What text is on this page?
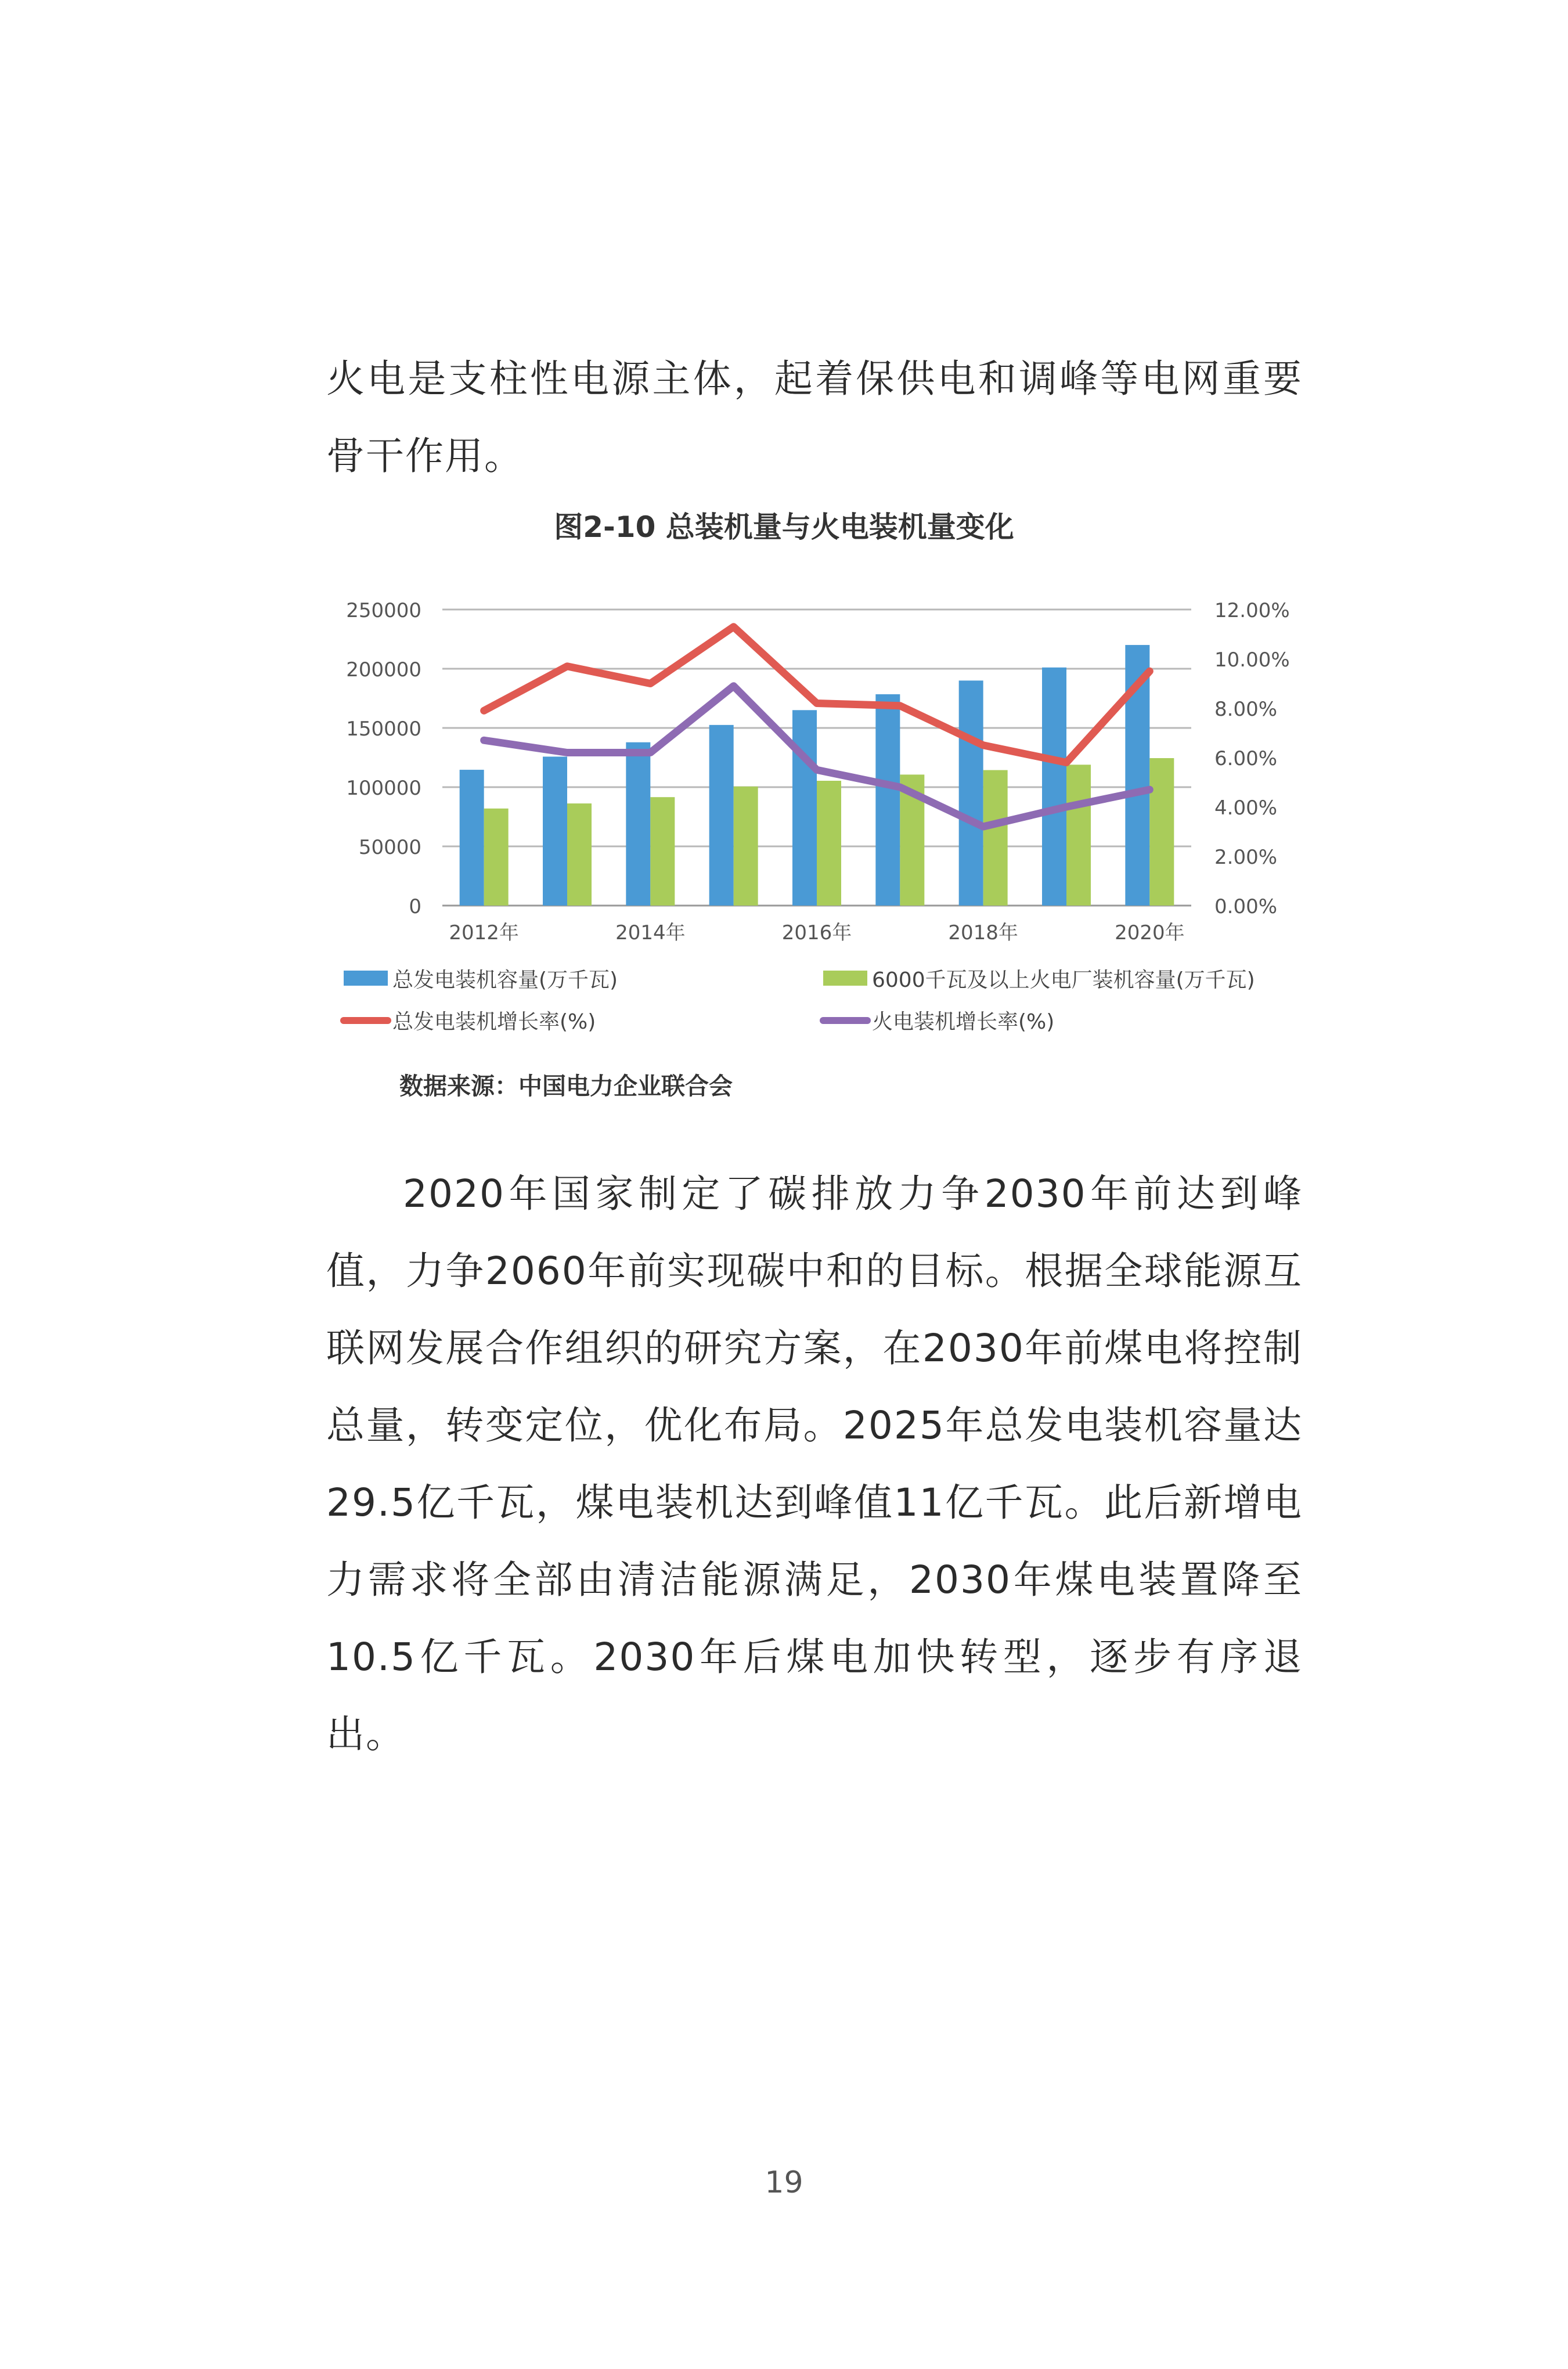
火电是支柱性电源主体，起着保供电和调峰等电网重要骨干作用。

图2-10 总装机量与火电装机量变化
0
50000
100000
150000
200000
250000
0.00%
2.00%
4.00%
6.00%
8.00%
10.00%
12.00%
2012年	2014年	2016年	2018年	2020年
总发电装机容量(万千瓦)	6000千瓦及以上火电厂装机容量(万千瓦)
总发电装机增长率(%)	火电装机增长率(%)
数据来源：中国电力企业联合会

2020年国家制定了碳排放力争2030年前达到峰值，力争2060年前实现碳中和的目标。根据全球能源互联网发展合作组织的研究方案，在2030年前煤电将控制总量，转变定位，优化布局。2025年总发电装机容量达29.5亿千瓦，煤电装机达到峰值11亿千瓦。此后新增电力需求将全部由清洁能源满足，2030年煤电装置降至10.5亿千瓦。2030年后煤电加快转型，逐步有序退出。

19
